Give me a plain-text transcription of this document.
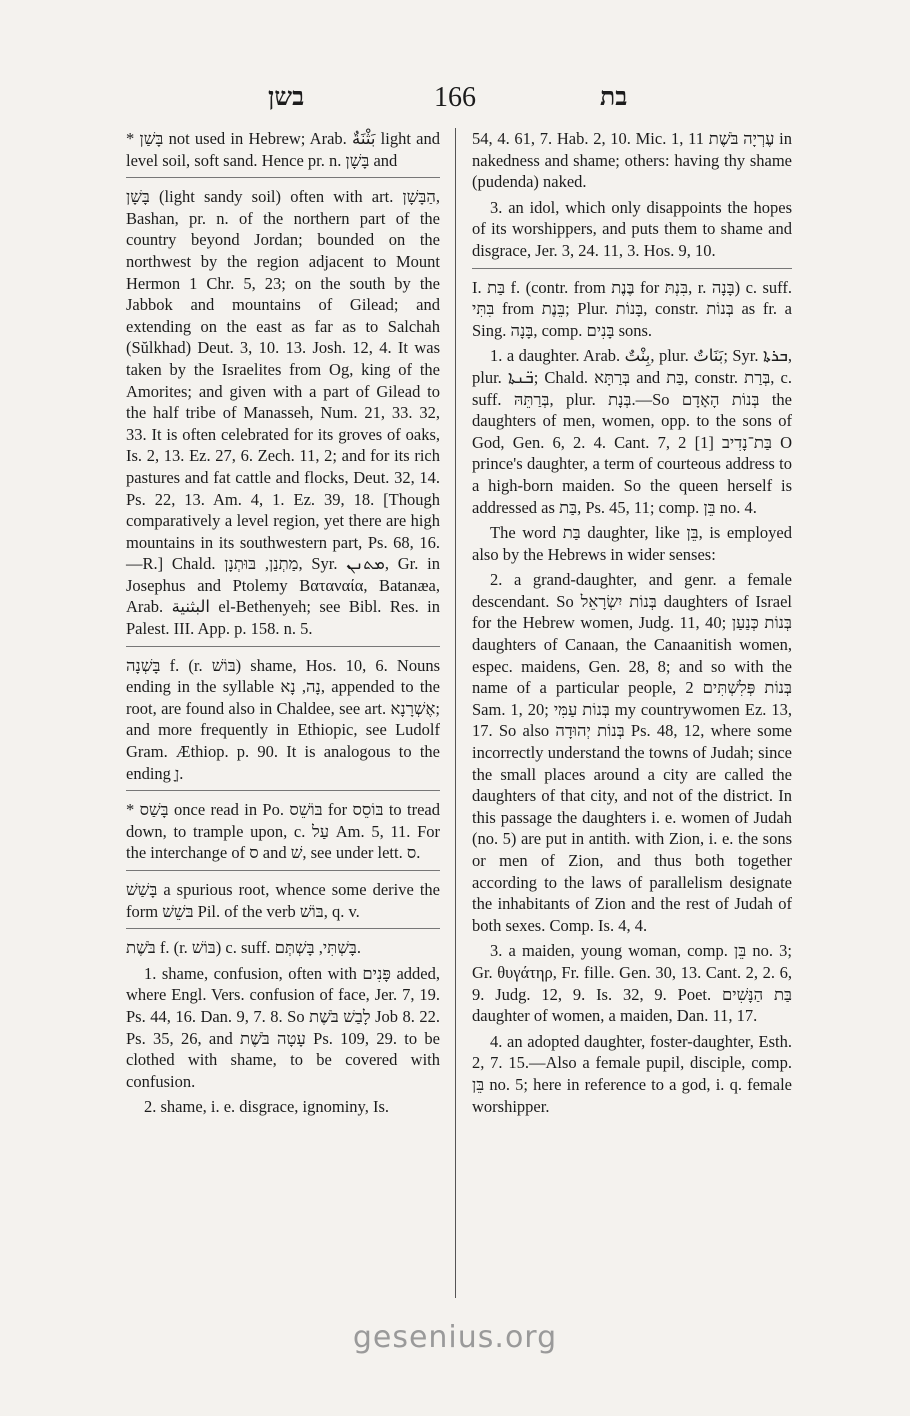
בשן	166	בת

* בָּשַׁן not used in Hebrew; Arab. بَثْنَةٌ light and level soil, soft sand. Hence pr. n. בָּשָׁן and

בָּשָׁן (light sandy soil) often with art. הַבָּשָׁן, Bashan, pr. n. of the northern part of the country beyond Jordan; bounded on the northwest by the region adjacent to Mount Hermon 1 Chr. 5, 23; on the south by the Jabbok and mountains of Gilead; and extending on the east as far as to Salchah (Sŭlkhad) Deut. 3, 10. 13. Josh. 12, 4. It was taken by the Israelites from Og, king of the Amorites; and given with a part of Gilead to the half tribe of Manasseh, Num. 21, 33. 32, 33. It is often celebrated for its groves of oaks, Is. 2, 13. Ez. 27, 6. Zech. 11, 2; and for its rich pastures and fat cattle and flocks, Deut. 32, 14. Ps. 22, 13. Am. 4, 1. Ez. 39, 18. [Though comparatively a level region, yet there are high mountains in its southwestern part, Ps. 68, 16.—R.] Chald. מַתְנַן, בּוּתְנָן, Syr. ܡܬܢܢ, Gr. in Josephus and Ptolemy Βαταναία, Batanæa, Arab. البثنية el-Bethenyeh; see Bibl. Res. in Palest. III. App. p. 158. n. 5.

בָּשְׁנָה f. (r. בּוֹשׁ) shame, Hos. 10, 6. Nouns ending in the syllable נָה, נָא, appended to the root, are found also in Chaldee, see art. אֶשְׁרָנָא; and more frequently in Ethiopic, see Ludolf Gram. Æthiop. p. 90. It is analogous to the ending ָן.

* בָּשַׁס once read in Po. בּוֹשֵׁס for בּוֹסֵס to tread down, to trample upon, c. עַל Am. 5, 11. For the interchange of ס and שׁ, see under lett. ס.

בָּשַׁשׁ a spurious root, whence some derive the form בּשֵׁשׁ Pil. of the verb בּוֹשׁ, q. v.

בֹּשֶׁת f. (r. בּוֹשׁ) c. suff. בָּשְׁתִּי, בָּשְׁתְּם.

1. shame, confusion, often with פָּנִים added, where Engl. Vers. confusion of face, Jer. 7, 19. Ps. 44, 16. Dan. 9, 7. 8. So לָבַשׁ בֹּשֶׁת Job 8. 22. Ps. 35, 26, and עָטָה בֹּשֶׁת Ps. 109, 29. to be clothed with shame, to be covered with confusion.

2. shame, i. e. disgrace, ignominy, Is.

54, 4. 61, 7. Hab. 2, 10. Mic. 1, 11 עֶרְיָה בֹּשֶׁת in nakedness and shame; others: having thy shame (pudenda) naked.

3. an idol, which only disappoints the hopes of its worshippers, and puts them to shame and disgrace, Jer. 3, 24. 11, 3. Hos. 9, 10.

I. בַּת f. (contr. from בֶּנֶת for בִּנְתּ, r. בָּנָה) c. suff. בִּתִּי from בֵּנֶת; Plur. בָּנוֹת, constr. בְּנוֹת as fr. a Sing. בָּנָה, comp. בָּנִים sons.

1. a daughter. Arab. بِنْتٌ, plur. بَنَاتٌ; Syr. ܒܪܬܐ, plur. ܒ̈ܢܬܐ; Chald. בְּרַתָּא and בַּת, constr. בְּרַת, c. suff. בְּרַתֵּהּ, plur. בְּנָת.—So בְּנוֹת הָאָדָם the daughters of men, women, opp. to the sons of God, Gen. 6, 2. 4. Cant. 7, 2 [1] בַּת־נָדִיב O prince's daughter, a term of courteous address to a high-born maiden. So the queen herself is addressed as בַּת, Ps. 45, 11; comp. בֵּן no. 4.

The word בַּת daughter, like בֵּן, is employed also by the Hebrews in wider senses:

2. a grand-daughter, and genr. a female descendant. So בְּנוֹת יִשְׂרָאֵל daughters of Israel for the Hebrew women, Judg. 11, 40; בְּנוֹת כְּנַעַן daughters of Canaan, the Canaanitish women, espec. maidens, Gen. 28, 8; and so with the name of a particular people, בְּנוֹת פְּלִשְׁתִּים 2 Sam. 1, 20; בְּנוֹת עַמִּי my countrywomen Ez. 13, 17. So also בְּנוֹת יְהוּדָה Ps. 48, 12, where some incorrectly understand the towns of Judah; since the small places around a city are called the daughters of that city, and not of the district. In this passage the daughters i. e. women of Judah (no. 5) are put in antith. with Zion, i. e. the sons or men of Zion, and thus both together according to the laws of parallelism designate the inhabitants of Zion and the rest of Judah of both sexes. Comp. Is. 4, 4.

3. a maiden, young woman, comp. בֵּן no. 3; Gr. θυγάτηρ, Fr. fille. Gen. 30, 13. Cant. 2, 2. 6, 9. Judg. 12, 9. Is. 32, 9. Poet. בַּת הַנָּשִׁים daughter of women, a maiden, Dan. 11, 17.

4. an adopted daughter, foster-daughter, Esth. 2, 7. 15.—Also a female pupil, disciple, comp. בֵּן no. 5; here in reference to a god, i. q. female worshipper.

gesenius.org
